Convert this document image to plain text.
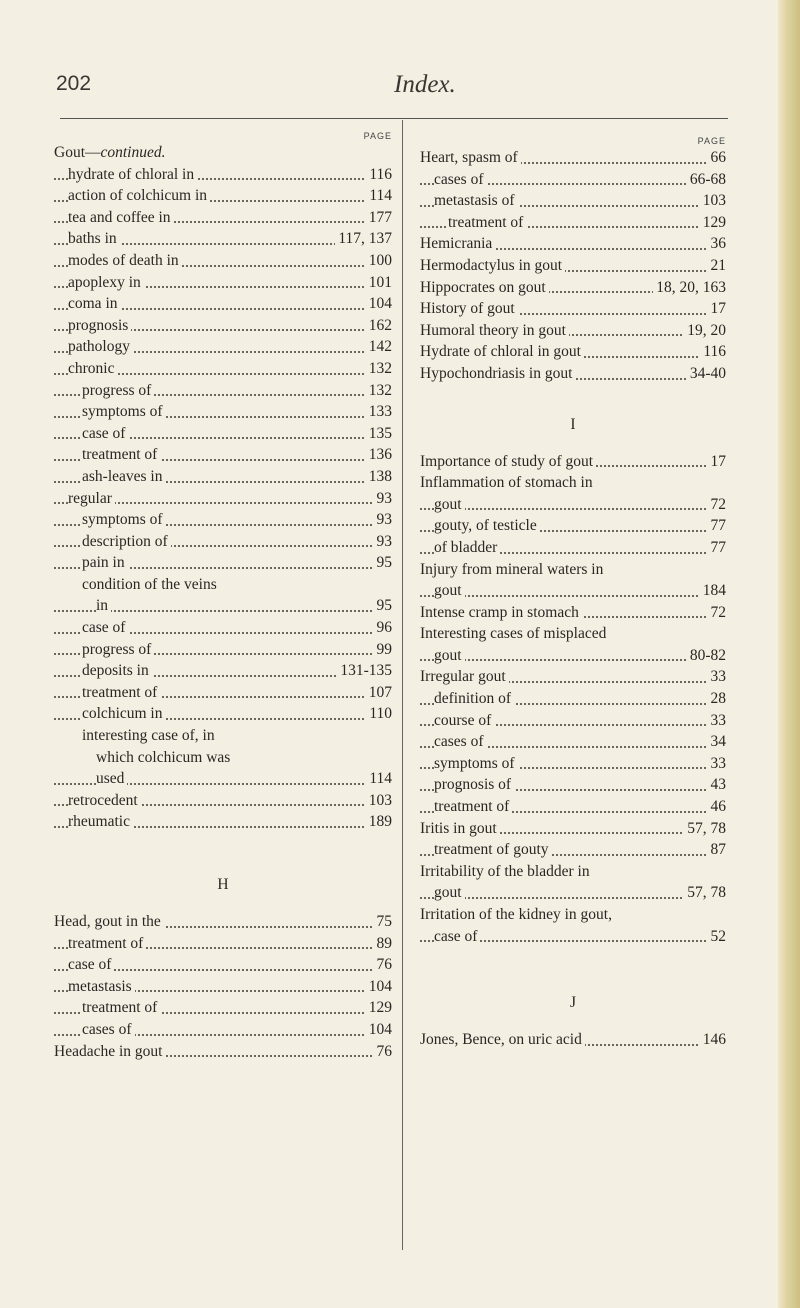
202	Index.
PAGE
Gout—continued.
hydrate of chloral in	116
action of colchicum in	114
tea and coffee in	177
baths in	117, 137
modes of death in	100
apoplexy in	101
coma in	104
prognosis	162
pathology	142
chronic	132
progress of	132
symptoms of	133
case of	135
treatment of	136
ash-leaves in	138
regular	93
symptoms of	93
description of	93
pain in	95
condition of the veins
in	95
case of	96
progress of	99
deposits in	131-135
treatment of	107
colchicum in	110
interesting case of, in
which colchicum was
used	114
retrocedent	103
rheumatic	189
H
Head, gout in the	75
treatment of	89
case of	76
metastasis	104
treatment of	129
cases of	104
Headache in gout	76
PAGE
Heart, spasm of	66
cases of	66-68
metastasis of	103
treatment of	129
Hemicrania	36
Hermodactylus in gout	21
Hippocrates on gout	18, 20, 163
History of gout	17
Humoral theory in gout	19, 20
Hydrate of chloral in gout	116
Hypochondriasis in gout	34-40
I
Importance of study of gout	17
Inflammation of stomach in
gout	72
gouty, of testicle	77
of bladder	77
Injury from mineral waters in
gout	184
Intense cramp in stomach	72
Interesting cases of misplaced
gout	80-82
Irregular gout	33
definition of	28
course of	33
cases of	34
symptoms of	33
prognosis of	43
treatment of	46
Iritis in gout	57, 78
treatment of gouty	87
Irritability of the bladder in
gout	57, 78
Irritation of the kidney in gout,
case of	52
J
Jones, Bence, on uric acid	146
